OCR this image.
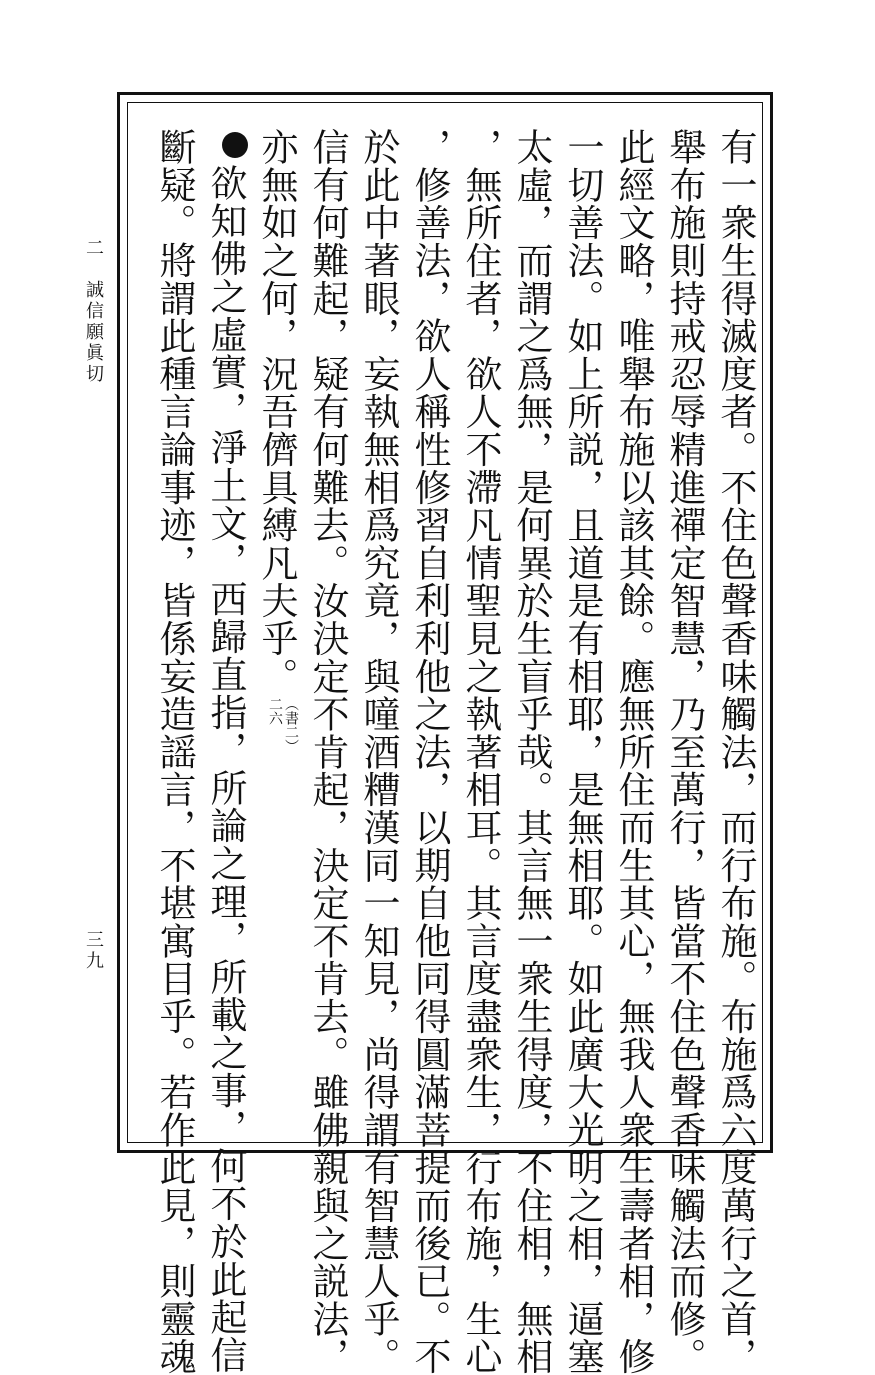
二　誠信願眞切
三九	有一衆生得滅度者。不住色聲香味觸法，而行布施。布施爲六度萬行之首，
舉布施則持戒忍辱精進禪定智慧，乃至萬行，皆當不住色聲香味觸法而修。
此經文略，唯舉布施以該其餘。應無所住而生其心，無我人衆生壽者相，修
一切善法。如上所説，且道是有相耶，是無相耶。如此廣大光明之相，逼塞
太虛，而謂之爲無，是何異於生盲乎哉。其言無一衆生得度，不住相，無相
，無所住者，欲人不滯凡情聖見之執著相耳。其言度盡衆生，行布施，生心
，修善法，欲人稱性修習自利利他之法，以期自他同得圓滿菩提而後已。不
於此中著眼，妄執無相爲究竟，與噇酒糟漢同一知見，尚得謂有智慧人乎。
信有何難起，疑有何難去。汝決定不肯起，決定不肯去。雖佛親與之説法，
亦無如之何，況吾儕具縛凡夫乎。
（書二）
二六
欲知佛之虛實，淨土文，西歸直指，所論之理，所載之事，何不於此起信
斷疑。將謂此種言論事迹，皆係妄造謡言，不堪寓目乎。若作此見，則靈魂
